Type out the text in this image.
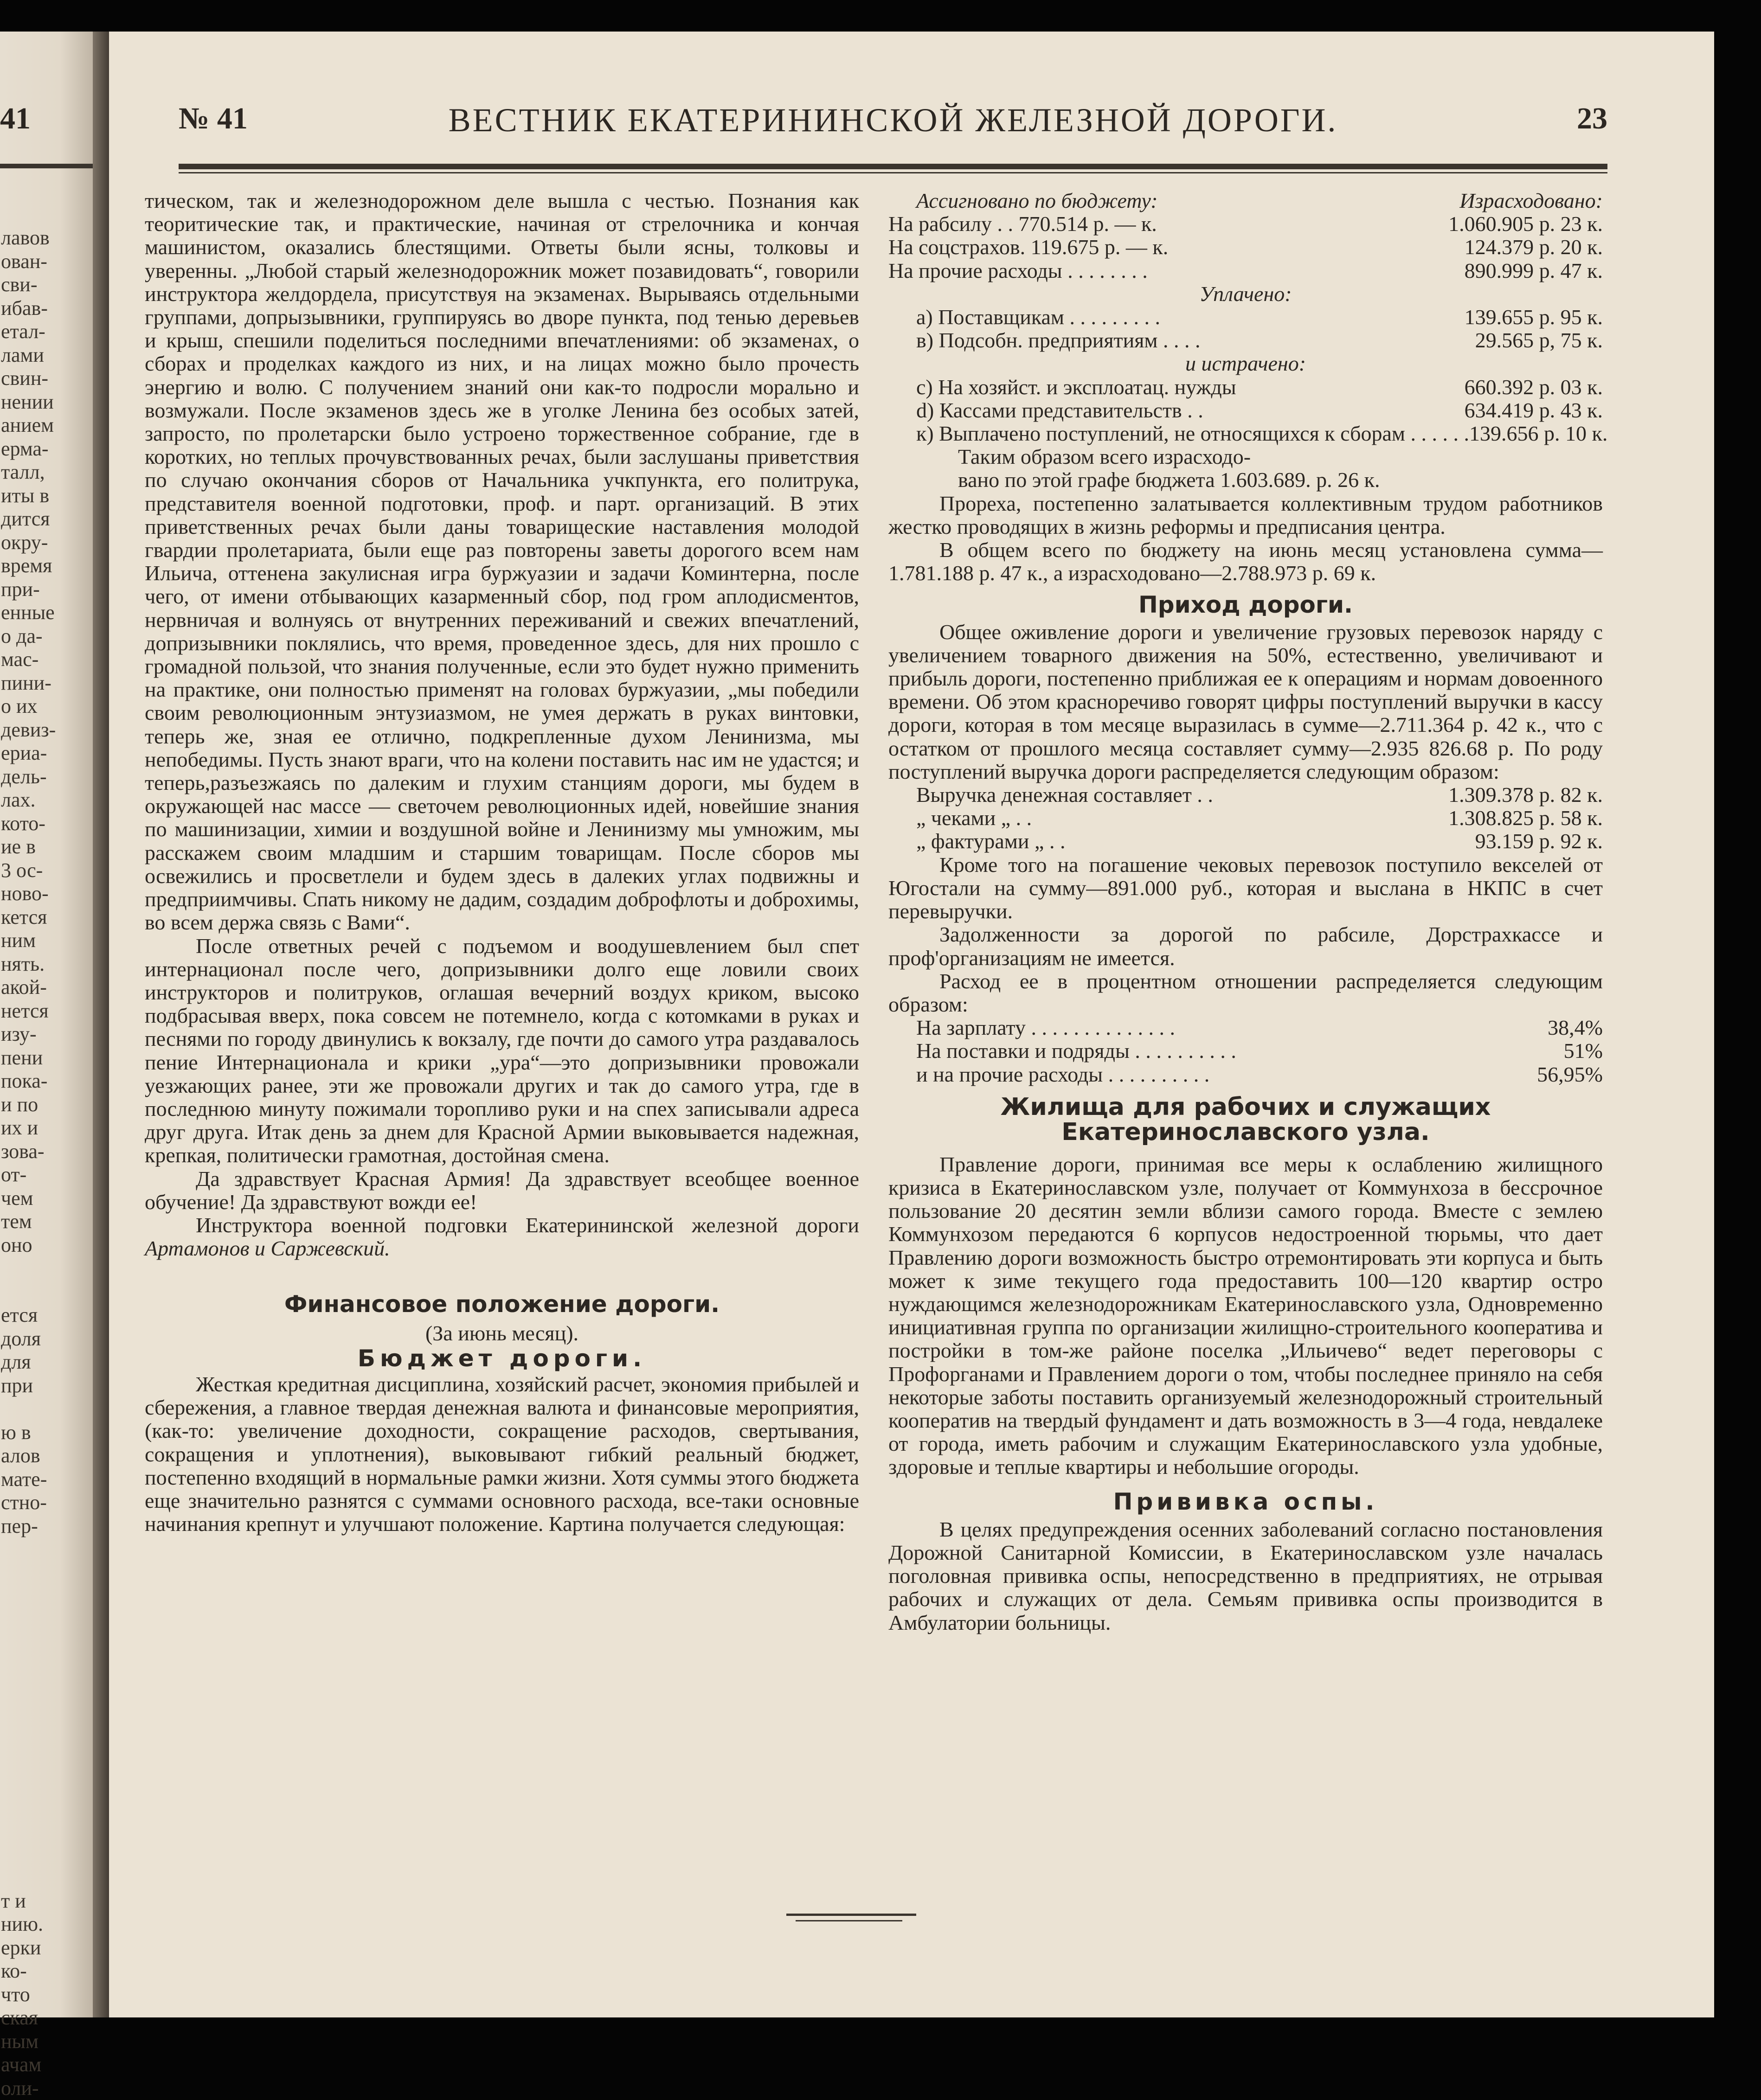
41
лавов
ован-
сви-
ибав-
етал-
лами
свин-
нении
анием
ерма-
талл,
иты в
дится
окру-
время
при-
енные
о да-
мас-
пини-
о их
девиз-
ериа-
дель-
лах.
кото-
ие в
3 ос-
ново-
кется
ним
нять.
акой-
нется
изу-
пени
пока-
и по
их и
зова-
от-
чем
тем
оно

ется
доля
для
при

ю в
алов
мате-
стно-
пер-

т и
нию.
ерки
ко-
что
ская
ным
ачам
оли-
№ 41	ВЕСТНИК ЕКАТЕРИНИНСКОЙ ЖЕЛЕЗНОЙ ДОРОГИ.	23

тическом, так и железнодорожном деле вышла с честью. Познания как теоритические так, и практические, начиная от стрелочника и кончая машинистом, оказались блестящими. Ответы были ясны, толковы и уверенны. „Любой старый железнодорожник может позавидовать“, говорили инструктора желдордела, присутствуя на экзаменах. Вырываясь отдельными группами, допрызывники, группируясь во дворе пункта, под тенью деревьев и крыш, спешили поделиться последними впечатлениями: об экзаменах, о сборах и проделках каждого из них, и на лицах можно было прочесть энергию и волю. С получением знаний они как-то подросли морально и возмужали. После экзаменов здесь же в уголке Ленина без особых затей, запросто, по пролетарски было устроено торжественное собрание, где в коротких, но теплых прочувствованных речах, были заслушаны приветствия по случаю окончания сборов от Начальника учкпункта, его политрука, представителя военной подготовки, проф. и парт. организаций. В этих приветственных речах были даны товарищеские наставления молодой гвардии пролетариата, были еще раз повторены заветы дорогого всем нам Ильича, оттенена закулисная игра буржуазии и задачи Коминтерна, после чего, от имени отбывающих казарменный сбор, под гром аплодисментов, нервничая и волнуясь от внутренних переживаний и свежих впечатлений, допризывники поклялись, что время, проведенное здесь, для них прошло с громадной пользой, что знания полученные, если это будет нужно применить на практике, они полностью применят на головах буржуазии, „мы победили своим революционным энтузиазмом, не умея держать в руках винтовки, теперь же, зная ее отлично, подкрепленные духом Ленинизма, мы непобедимы. Пусть знают враги, что на колени поставить нас им не удастся; и теперь,разъезжаясь по далеким и глухим станциям дороги, мы будем в окружающей нас массе — светочем революционных идей, новейшие знания по машинизации, химии и воздушной войне и Ленинизму мы умножим, мы расскажем своим младшим и старшим товарищам. После сборов мы освежились и просветлели и будем здесь в далеких углах подвижны и предприимчивы. Спать никому не дадим, создадим доброфлоты и доброхимы, во всем держа связь с Вами“.

После ответных речей с подъемом и воодушевлением был спет интернационал после чего, допризывники долго еще ловили своих инструкторов и политруков, оглашая вечерний воздух криком, высоко подбрасывая вверх, пока совсем не потемнело, когда с котомками в руках и песнями по городу двинулись к вокзалу, где почти до самого утра раздавалось пение Интернационала и крики „ура“—это допризывники провожали уезжающих ранее, эти же провожали других и так до самого утра, где в последнюю минуту пожимали торопливо руки и на спех записывали адреса друг друга. Итак день за днем для Красной Армии выковывается надежная, крепкая, политически грамотная, достойная смена.

Да здравствует Красная Армия! Да здравствует всеобщее военное обучение! Да здравствуют вожди ее!

Инструктора военной подговки Екатерининской железной дороги Артамонов и Саржевский.

Финансовое положение дороги.
(За июнь месяц).
Бюджет дороги.

Жесткая кредитная дисциплина, хозяйский расчет, экономия прибылей и сбережения, а главное твердая денежная валюта и финансовые мероприятия, (как-то: увеличение доходности, сокращение расходов, свертывания, сокращения и уплотнения), выковывают гибкий реальный бюджет, постепенно входящий в нормальные рамки жизни. Хотя суммы этого бюджета еще значительно разнятся с суммами основного расхода, все-таки основные начинания крепнут и улучшают положение. Картина получается следующая:

Ассигновано по бюджету:	Израсходовано:
На рабсилу . . 770.514 р. — к.	1.060.905 р. 23 к.
На соцстрахов. 119.675 р. — к.	124.379 р. 20 к.
На прочие расходы . . . . . . . .	890.999 р. 47 к.
Уплачено:
а) Поставщикам . . . . . . . . .	139.655 р. 95 к.
в) Подсобн. предприятиям . . . .	29.565 р, 75 к.
и истрачено:
с) На хозяйст. и эксплоатац. нужды	660.392 р. 03 к.
d) Кассами представительств . .	634.419 р. 43 к.
к) Выплачено поступлений, не относящихся к сборам . . . . . . 139.656 р. 10 к.
Таким образом всего израсходо-
вано по этой графе бюджета 1.603.689. р. 26 к.

Прореха, постепенно залатывается коллективным трудом работников жестко проводящих в жизнь реформы и предписания центра.

В общем всего по бюджету на июнь месяц установлена сумма—1.781.188 р. 47 к., а израсходовано—2.788.973 р. 69 к.

Приход дороги.

Общее оживление дороги и увеличение грузовых перевозок наряду с увеличением товарного движения на 50%, естественно, увеличивают и прибыль дороги, постепенно приближая ее к операциям и нормам довоенного времени. Об этом красноречиво говорят цифры поступлений выручки в кассу дороги, которая в том месяце выразилась в сумме—2.711.364 р. 42 к., что с остатком от прошлого месяца составляет сумму—2.935 826.68 р. По роду поступлений выручка дороги распределяется следующим образом:

Выручка денежная составляет . .	1.309.378 р. 82 к.
„ чеками „ . .	1.308.825 р. 58 к.
„ фактурами „ . .	93.159 р. 92 к.

Кроме того на погашение чековых перевозок поступило векселей от Югостали на сумму—891.000 руб., которая и выслана в НКПС в счет перевыручки.

Задолженности за дорогой по рабсиле, Дорстрахкассе и проф'организациям не имеется.

Расход ее в процентном отношении распределяется следующим образом:

На зарплату . . . . . . . . . . . . . .	38,4%
На поставки и подряды . . . . . . . . . .	51%
и на прочие расходы . . . . . . . . . .	56,95%
Жилища для рабочих и служащих Екатеринославского узла.

Правление дороги, принимая все меры к ослаблению жилищного кризиса в Екатеринославском узле, получает от Коммунхоза в бессрочное пользование 20 десятин земли вблизи самого города. Вместе с землею Коммунхозом передаются 6 корпусов недостроенной тюрьмы, что дает Правлению дороги возможность быстро отремонтировать эти корпуса и быть может к зиме текущего года предоставить 100—120 квартир остро нуждающимся железнодорожникам Екатеринославского узла, Одновременно инициативная группа по организации жилищно-строительного кооператива и постройки в том-же районе поселка „Ильичево“ ведет переговоры с Профорганами и Правлением дороги о том, чтобы последнее приняло на себя некоторые заботы поставить организуемый железнодорожный строительный кооператив на твердый фундамент и дать возможность в 3—4 года, невдалеке от города, иметь рабочим и служащим Екатеринославского узла удобные, здоровые и теплые квартиры и небольшие огороды.

Прививка оспы.

В целях предупреждения осенних заболеваний согласно постановления Дорожной Санитарной Комиссии, в Екатеринославском узле началась поголовная прививка оспы, непосредственно в предприятиях, не отрывая рабочих и служащих от дела. Семьям прививка оспы производится в Амбулатории больницы.
